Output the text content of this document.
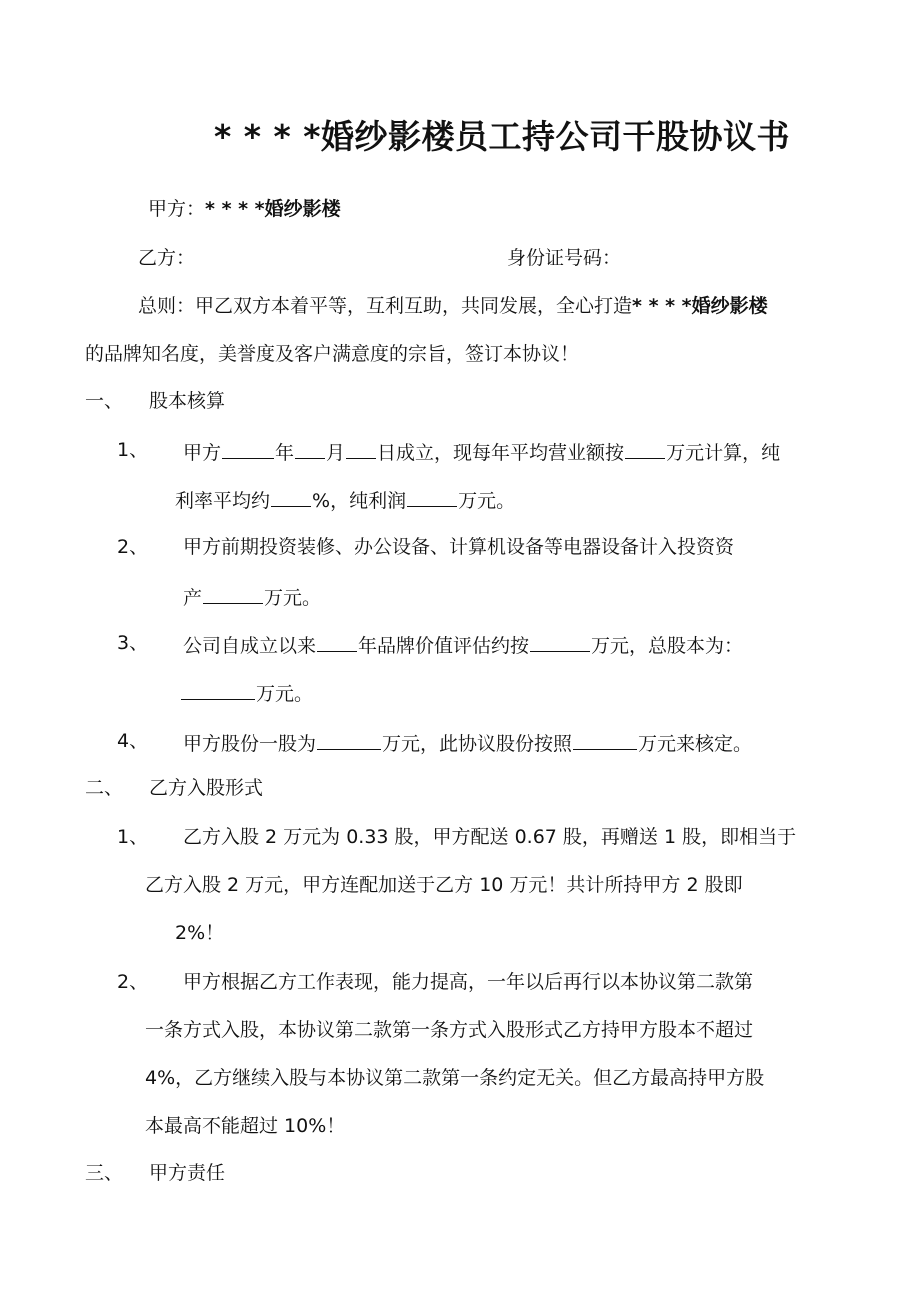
* * * *婚纱影楼员工持公司干股协议书
甲方：* * * *婚纱影楼
乙方：	身份证号码：
总则：甲乙双方本着平等，互利互助，共同发展，全心打造* * * *婚纱影楼
的品牌知名度，美誉度及客户满意度的宗旨，签订本协议！
一、 股本核算
1、 甲方	年 月 日成立，现每年平均营业额按 万元计算，纯
利率平均约 %，纯利润	万元。
2、 甲方前期投资装修、办公设备、计算机设备等电器设备计入投资资
产	万元。
3、 公司自成立以来 年品牌价值评估约按	万元，总股本为：
万元。
4、 甲方股份一股为	万元，此协议股份按照	万元来核定。
二、 乙方入股形式
1、 乙方入股 2 万元为 0.33 股，甲方配送 0.67 股，再赠送 1 股，即相当于
乙方入股 2 万元，甲方连配加送于乙方 10 万元！共计所持甲方 2 股即
2%！
2、 甲方根据乙方工作表现，能力提高，一年以后再行以本协议第二款第
一条方式入股，本协议第二款第一条方式入股形式乙方持甲方股本不超过
4%，乙方继续入股与本协议第二款第一条约定无关。但乙方最高持甲方股
本最高不能超过 10%！
三、 甲方责任
